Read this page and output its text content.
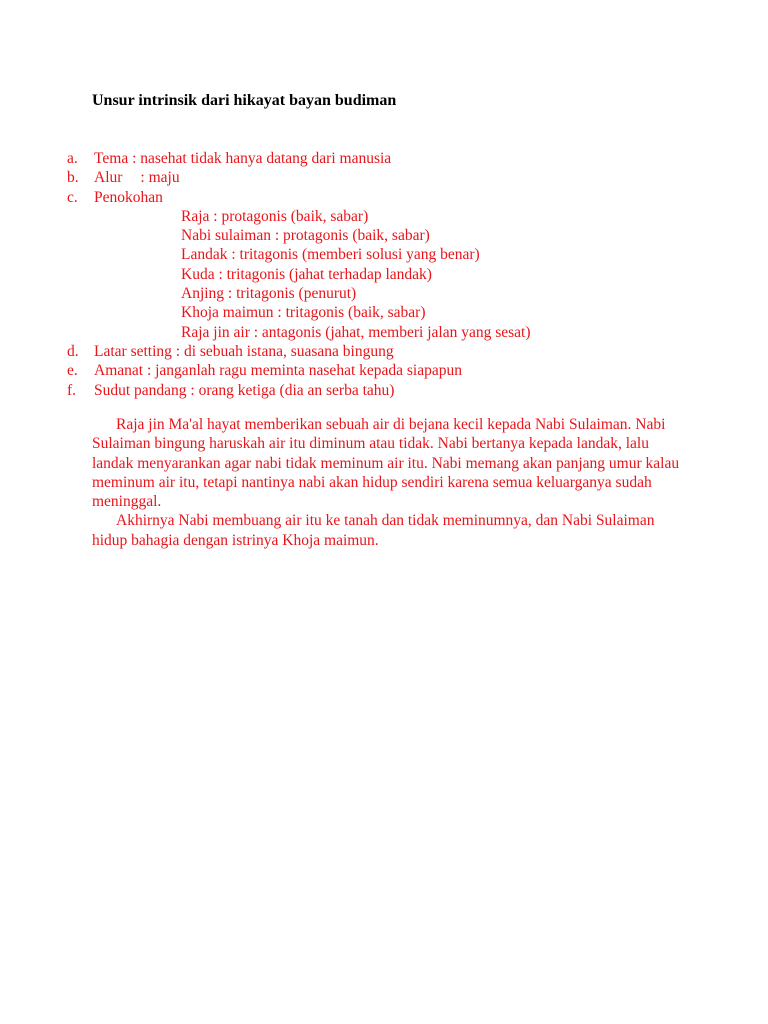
Unsur intrinsik dari hikayat bayan budiman
a.	Tema : nasehat tidak hanya datang dari manusia
b. Alur : maju
c.	Penokohan
Raja : protagonis (baik, sabar)
Nabi sulaiman : protagonis (baik, sabar)
Landak : tritagonis (memberi solusi yang benar)
Kuda : tritagonis (jahat terhadap landak)
Anjing : tritagonis (penurut)
Khoja maimun : tritagonis (baik, sabar)
Raja jin air : antagonis (jahat, memberi jalan yang sesat)
d. Latar setting : di sebuah istana, suasana bingung
e.	Amanat : janganlah ragu meminta nasehat kepada siapapun
f.	Sudut pandang : orang ketiga (dia an serba tahu)

Raja jin Ma'al hayat memberikan sebuah air di bejana kecil kepada Nabi Sulaiman. Nabi Sulaiman bingung haruskah air itu diminum atau tidak. Nabi bertanya kepada landak, lalu landak menyarankan agar nabi tidak meminum air itu. Nabi memang akan panjang umur kalau meminum air itu, tetapi nantinya nabi akan hidup sendiri karena semua keluarganya sudah meninggal.

Akhirnya Nabi membuang air itu ke tanah dan tidak meminumnya, dan Nabi Sulaiman hidup bahagia dengan istrinya Khoja maimun.
